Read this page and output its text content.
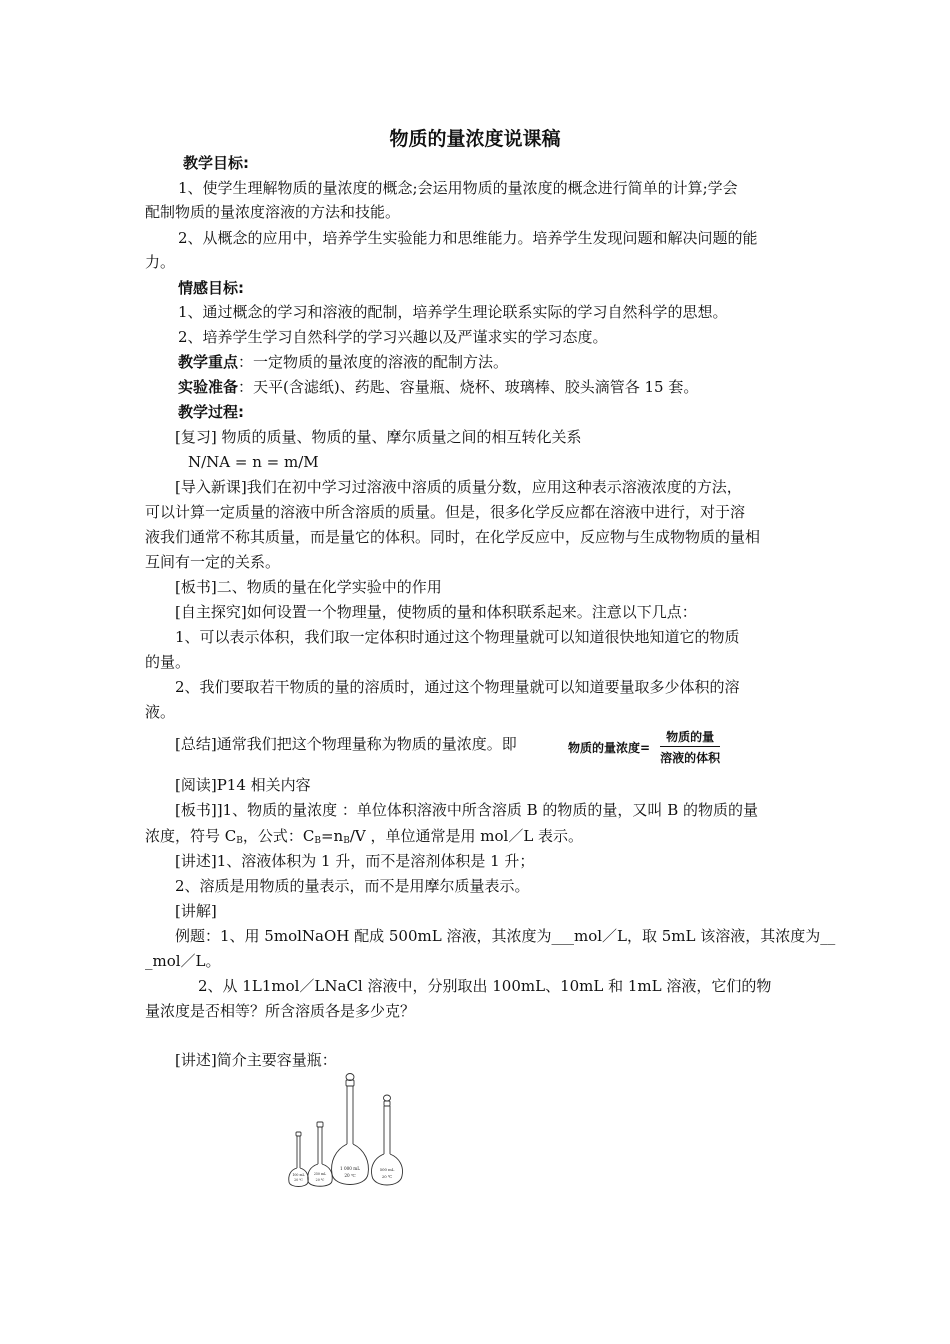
物质的量浓度说课稿
教学目标:
1、使学生理解物质的量浓度的概念;会运用物质的量浓度的概念进行简单的计算;学会
配制物质的量浓度溶液的方法和技能。
2、从概念的应用中，培养学生实验能力和思维能力。培养学生发现问题和解决问题的能
力。
情感目标:
1、通过概念的学习和溶液的配制，培养学生理论联系实际的学习自然科学的思想。
2、培养学生学习自然科学的学习兴趣以及严谨求实的学习态度。
教学重点：一定物质的量浓度的溶液的配制方法。
实验准备：天平(含滤纸)、药匙、容量瓶、烧杯、玻璃棒、胶头滴管各 15 套。
教学过程:
[复习] 物质的质量、物质的量、摩尔质量之间的相互转化关系
N/NA = n = m/M
[导入新课]我们在初中学习过溶液中溶质的质量分数，应用这种表示溶液浓度的方法，
可以计算一定质量的溶液中所含溶质的质量。但是，很多化学反应都在溶液中进行，对于溶
液我们通常不称其质量，而是量它的体积。同时，在化学反应中，反应物与生成物物质的量相
互间有一定的关系。
[板书]二、物质的量在化学实验中的作用
[自主探究]如何设置一个物理量，使物质的量和体积联系起来。注意以下几点：
1、可以表示体积，我们取一定体积时通过这个物理量就可以知道很快地知道它的物质
的量。
2、我们要取若干物质的量的溶质时，通过这个物理量就可以知道要量取多少体积的溶
液。
[总结]通常我们把这个物理量称为物质的量浓度。即	物质的量浓度= $\frac{\text{物质的量}}{\text{溶液的体积}}$
[阅读]P14 相关内容
[板书]]1、物质的量浓度 ：单位体积溶液中所含溶质 B 的物质的量，又叫 B 的物质的量
浓度，符号 $C_B$，公式：$C_B=n_B/V$ ，单位通常是用 mol／L 表示。
[讲述]1、溶液体积为 1 升，而不是溶剂体积是 1 升；
2、溶质是用物质的量表示，而不是用摩尔质量表示。
[讲解]
例题：1、用 5molNaOH 配成 500mL 溶液，其浓度为___mol／L，取 5mL 该溶液，其浓度为__
_mol／L。
2、从 1L1mol／LNaCl 溶液中，分别取出 100mL、10mL 和 1mL 溶液，它们的物
量浓度是否相等？所含溶质各是多少克？
[讲述]简介主要容量瓶：
100 mL
20 ℃
250 mL
20 ℃
1 000 mL
20 ℃
500 mL
20 ℃
